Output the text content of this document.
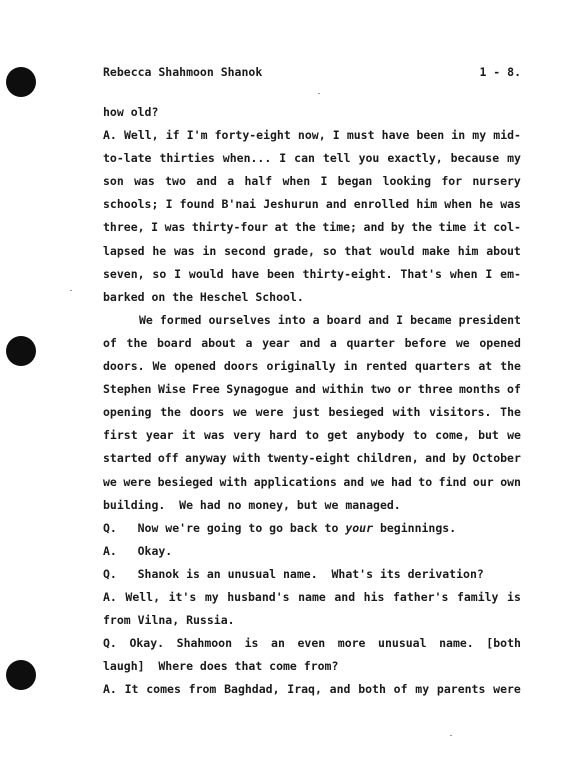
Rebecca Shahmoon Shanok	1 - 8.
how old?
A. Well, if I'm forty-eight now, I must have been in my mid-
to-late thirties when... I can tell you exactly, because my
son was two and a half when I began looking for nursery
schools; I found B'nai Jeshurun and enrolled him when he was
three, I was thirty-four at the time; and by the time it col-
lapsed he was in second grade, so that would make him about
seven, so I would have been thirty-eight. That's when I em-
barked on the Heschel School.
We formed ourselves into a board and I became president
of the board about a year and a quarter before we opened
doors. We opened doors originally in rented quarters at the
Stephen Wise Free Synagogue and within two or three months of
opening the doors we were just besieged with visitors. The
first year it was very hard to get anybody to come, but we
started off anyway with twenty-eight children, and by October
we were besieged with applications and we had to find our own
building.  We had no money, but we managed.
Q.   Now we're going to go back to your beginnings.
A.   Okay.
Q.   Shanok is an unusual name.  What's its derivation?
A. Well, it's my husband's name and his father's family is
from Vilna, Russia.
Q. Okay. Shahmoon is an even more unusual name. [both
laugh]  Where does that come from?
A. It comes from Baghdad, Iraq, and both of my parents were
